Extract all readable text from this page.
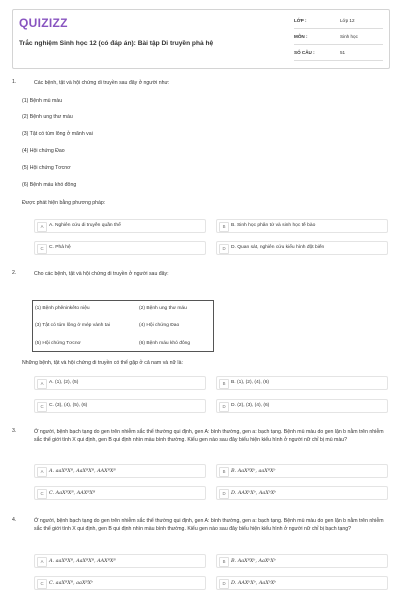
QUIZIZZ
Trắc nghiệm Sinh học 12 (có đáp án): Bài tập Di truyền phả hệ
LỚP :	Lớp 12
MÔN :	Sinh học
SỐ CÂU :	51
1.	Các bệnh, tật và hội chứng di truyền sau đây ở người như:
(1) Bệnh mù màu
(2) Bệnh ung thư máu
(3) Tật có túm lông ở mãnh vai
(4) Hội chứng Đao
(5) Hội chứng Tơcnơ
(6) Bệnh máu khó đông
Được phát hiện bằng phương pháp:
A	A. Nghiên cứu di truyền quần thể	B	B. Sinh học phân tử và sinh học tế bào
C	C. Phả hệ	D	D. Quan sát, nghiên cứu kiểu hình đột biến
2.	Cho các bệnh, tật và hội chứng di truyền ở người sau đây:
(1) Bệnh phêninkêto niệu	(2) Bệnh ung thư máu
(3) Tật có túm lông ở mép vành tai	(4) Hội chứng Đao
(5) Hội chứng Tơcnơ	(6) Bệnh máu khó đông
Những bệnh, tật và hội chứng di truyền có thể gặp ở cả nam và nữ là:
A	A. (1), (2), (5)	B	B. (1), (2), (4), (6)
C	C. (3), (4), (5), (6)	D	D. (2), (3), (4), (6)
3.	Ở người, bệnh bạch tạng do gen trên nhiễm sắc thể thường qui định, gen A: bình thường, gen a: bạch tạng. Bệnh mù màu do gen lặn b nằm trên nhiễm sắc thể giới tính X qui định, gen B qui định nhìn màu bình thường. Kiểu gen nào sau đây biểu hiện kiểu hình ở người nữ chỉ bị mù màu?
A	A. aaXᴮXᴮ, AaXᴮXᴮ, AAXᴮXᴮ	B	B. AaXᴮXᵇ, aaXᴮXᵇ
C	C. AaXᴮXᴮ, AAXᴮXᴮ	D	D. AAXᵇXᵇ, AaXᵇXᵇ
4.	Ở người, bệnh bạch tạng do gen trên nhiễm sắc thể thường qui định, gen A: bình thường, gen a: bạch tạng. Bệnh mù màu do gen lặn b nằm trên nhiễm sắc thể giới tính X qui định, gen B qui định nhìn màu bình thường. Kiểu gen nào sau đây biểu hiện kiểu hình ở người nữ chỉ bị bạch tạng?
A	A. aaXᴮXᴮ, AaXᴮXᴮ, AAXᴮXᴮ	B	B. AaXᴮXᵇ, AaXᵇXᵇ
C	C. aaXᴮXᴮ, aaXᴮXᵇ	D	D. AAXᵇXᵇ, AaXᵇXᵇ
